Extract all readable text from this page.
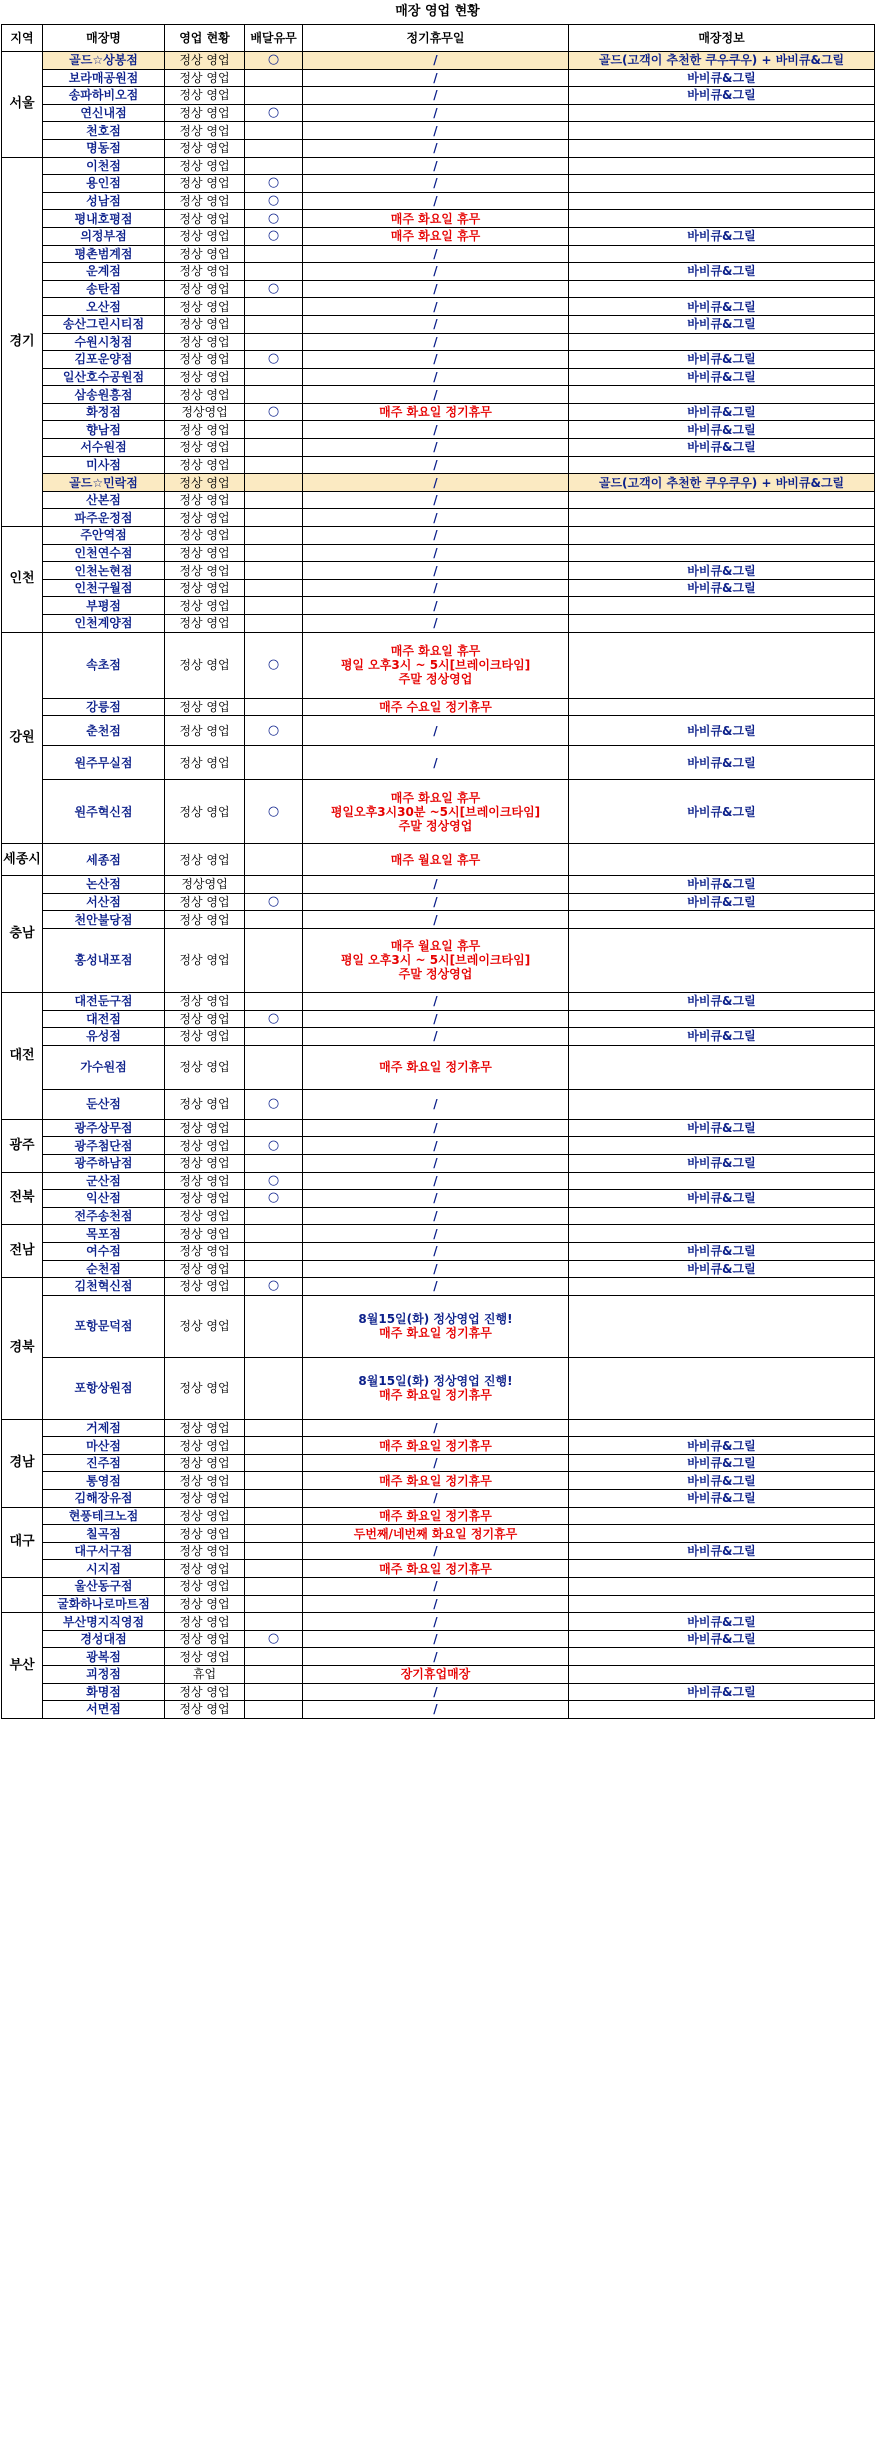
매장 영업 현황
지역	매장명	영업 현황	배달유무	정기휴무일	매장정보
서울	골드☆상봉점	정상 영업	○	/	골드(고객이 추천한 쿠우쿠우) + 바비큐&그릴
	보라매공원점	정상 영업		/	바비큐&그릴
	송파하비오점	정상 영업		/	바비큐&그릴
	연신내점	정상 영업	○	/	
	천호점	정상 영업		/	
	명동점	정상 영업		/	
경기	이천점	정상 영업		/	
	용인점	정상 영업	○	/	
	성남점	정상 영업	○	/	
	평내호평점	정상 영업	○	매주 화요일 휴무	
	의정부점	정상 영업	○	매주 화요일 휴무	바비큐&그릴
	평촌범계점	정상 영업		/	
	운계점	정상 영업		/	바비큐&그릴
	송탄점	정상 영업	○	/	
	오산점	정상 영업		/	바비큐&그릴
	송산그린시티점	정상 영업		/	바비큐&그릴
	수원시청점	정상 영업		/	
	김포운양점	정상 영업	○	/	바비큐&그릴
	일산호수공원점	정상 영업		/	바비큐&그릴
	삼송원흥점	정상 영업		/	
	화정점	정상영업	○	매주 화요일 정기휴무	바비큐&그릴
	향남점	정상 영업		/	바비큐&그릴
	서수원점	정상 영업		/	바비큐&그릴
	미사점	정상 영업		/	
	골드☆민락점	정상 영업		/	골드(고객이 추천한 쿠우쿠우) + 바비큐&그릴
	산본점	정상 영업		/	
	파주운정점	정상 영업		/	
인천	주안역점	정상 영업		/	
	인천연수점	정상 영업		/	
	인천논현점	정상 영업		/	바비큐&그릴
	인천구월점	정상 영업		/	바비큐&그릴
	부평점	정상 영업		/	
	인천계양점	정상 영업		/	
강원	속초점	정상 영업	○	매주 화요일 휴무
평일 오후3시 ~ 5시[브레이크타임]
주말 정상영업	

	강릉점	정상 영업		매주 수요일 정기휴무	
	춘천점	정상 영업	○	/	바비큐&그릴
	원주무실점	정상 영업		/	바비큐&그릴
	원주혁신점	정상 영업	○	매주 화요일 휴무
평일오후3시30분 ~5시[브레이크타임]
주말 정상영업	바비큐&그릴
세종시	세종점	정상 영업		매주 월요일 휴무	
충남	논산점	정상영업		/	바비큐&그릴
	서산점	정상 영업	○	/	바비큐&그릴
	천안불당점	정상 영업		/	
	홍성내포점	정상 영업		매주 월요일 휴무
평일 오후3시 ~ 5시[브레이크타임]
주말 정상영업	

대전	대전둔구점	정상 영업		/	바비큐&그릴
	대전점	정상 영업	○	/	
	유성점	정상 영업		/	바비큐&그릴
	가수원점	정상 영업		매주 화요일 정기휴무	
	둔산점	정상 영업	○	/	
광주	광주상무점	정상 영업		/	바비큐&그릴
	광주첨단점	정상 영업	○	/	
	광주하남점	정상 영업		/	바비큐&그릴
전북	군산점	정상 영업	○	/	
	익산점	정상 영업	○	/	바비큐&그릴
	전주송천점	정상 영업		/	
전남	목포점	정상 영업		/	
	여수점	정상 영업		/	바비큐&그릴
	순천점	정상 영업		/	바비큐&그릴
경북	김천혁신점	정상 영업	○	/	
	포항문덕점	정상 영업		8월15일(화) 정상영업 진행!
매주 화요일 정기휴무	

	포항상원점	정상 영업		8월15일(화) 정상영업 진행!
매주 화요일 정기휴무	

경남	거제점	정상 영업		/	
	마산점	정상 영업		매주 화요일 정기휴무	바비큐&그릴
	진주점	정상 영업		/	바비큐&그릴
	통영점	정상 영업		매주 화요일 정기휴무	바비큐&그릴
	김해장유점	정상 영업		/	바비큐&그릴
대구	현풍테크노점	정상 영업		매주 화요일 정기휴무	
	칠곡점	정상 영업		두번째/네번째 화요일 정기휴무	
	대구서구점	정상 영업		/	바비큐&그릴
	시지점	정상 영업		매주 화요일 정기휴무	
	울산동구점	정상 영업		/	
	굴화하나로마트점	정상 영업		/	
부산	부산명지직영점	정상 영업		/	바비큐&그릴
	경성대점	정상 영업	○	/	바비큐&그릴
	광복점	정상 영업		/	
	괴정점	휴업		장기휴업매장	
	화명점	정상 영업		/	바비큐&그릴
	서면점	정상 영업		/	
